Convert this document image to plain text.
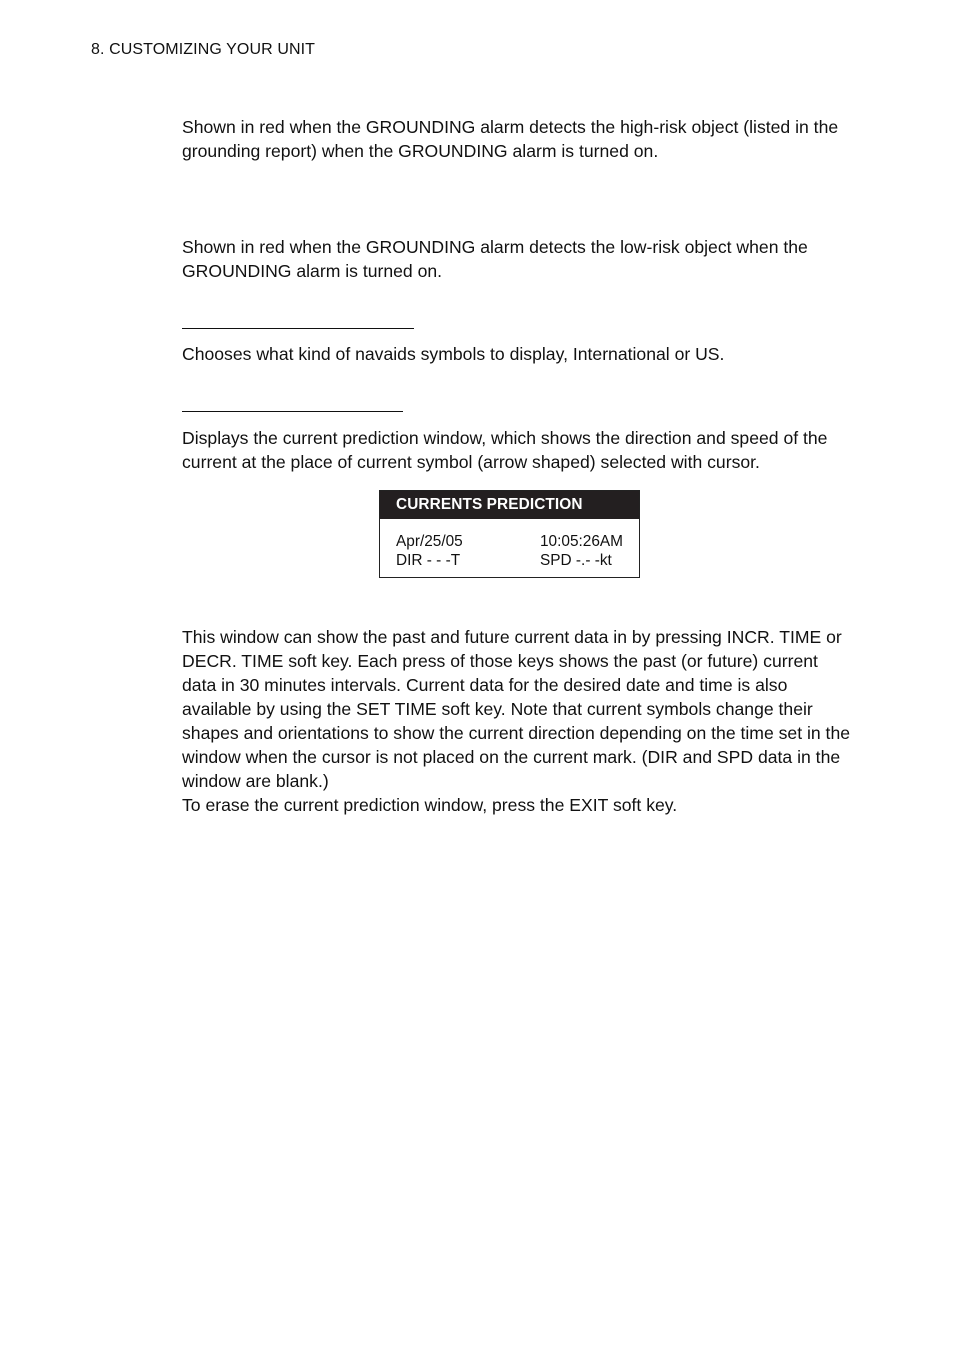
8. CUSTOMIZING YOUR UNIT

Shown in red when the GROUNDING alarm detects the high-risk object (listed in the grounding report) when the GROUNDING alarm is turned on.

Shown in red when the GROUNDING alarm detects the low-risk object when the GROUNDING alarm is turned on.

Chooses what kind of navaids symbols to display, International or US.

Displays the current prediction window, which shows the direction and speed of the current at the place of current symbol (arrow shaped) selected with cursor.

CURRENTS PREDICTION
Apr/25/05	10:05:26AM
DIR - - -T	SPD -.- -kt

This window can show the past and future current data in by pressing INCR. TIME or DECR. TIME soft key. Each press of those keys shows the past (or future) current data in 30 minutes intervals. Current data for the desired date and time is also available by using the SET TIME soft key. Note that current symbols change their shapes and orientations to show the current direction depending on the time set in the window when the cursor is not placed on the current mark. (DIR and SPD data in the window are blank.)

To erase the current prediction window, press the EXIT soft key.
